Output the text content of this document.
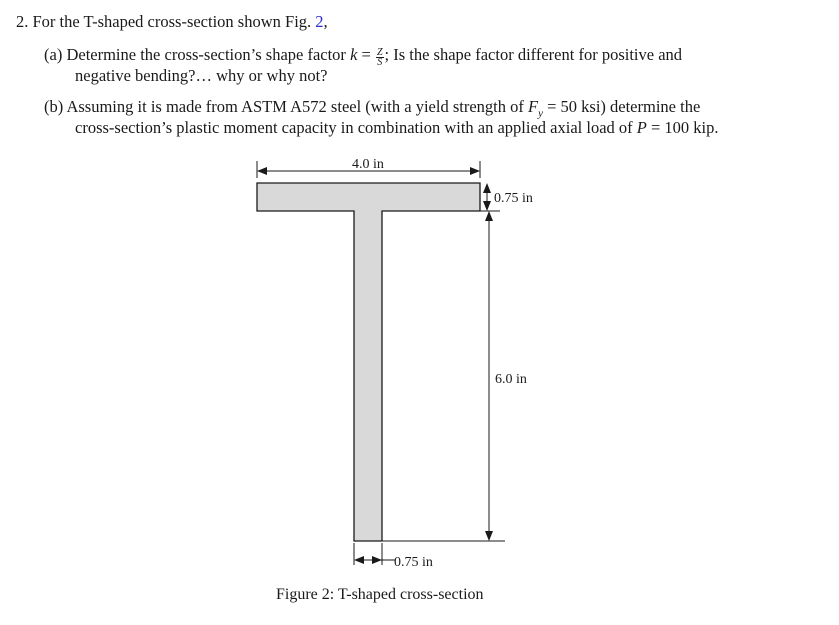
2. For the T-shaped cross-section shown Fig. 2,
(a) Determine the cross-section’s shape factor $k = \frac{Z}{S}$ ; Is the shape factor different for positive and
negative bending?… why or why not?
(b) Assuming it is made from ASTM A572 steel (with a yield strength of $F_y = 50$ ksi) determine the
cross-section’s plastic moment capacity in combination with an applied axial load of P = 100 kip.
4.0 in
0.75 in
6.0 in
0.75 in
Figure 2: T-shaped cross-section
